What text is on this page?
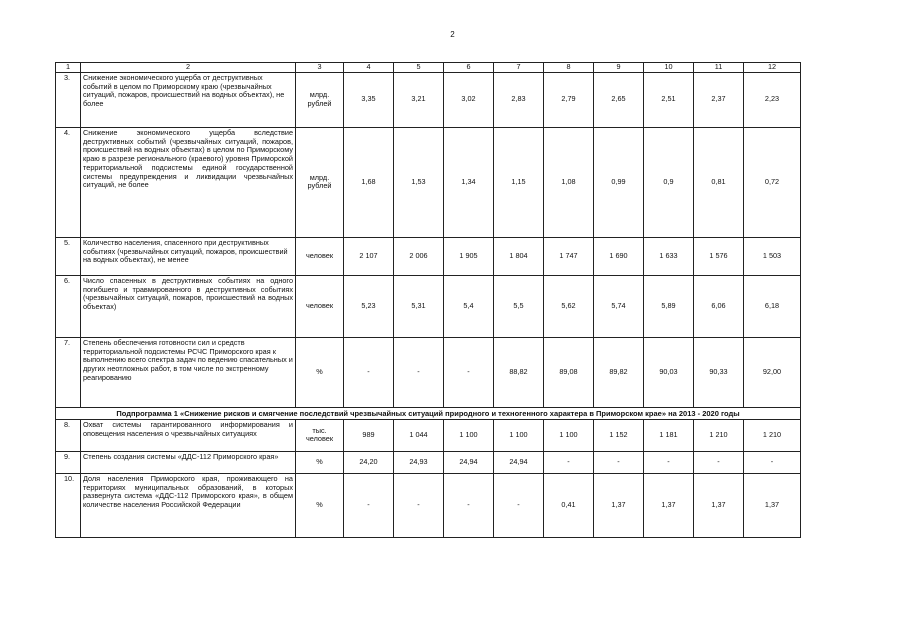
2
1	2	3	4	5	6	7	8	9	10	11	12
3.	Снижение экономического ущерба от деструктивных событий в целом по Приморскому краю (чрезвычайных ситуаций, пожаров, происшествий на водных объектах), не более	млрд. рублей	3,35	3,21	3,02	2,83	2,79	2,65	2,51	2,37	2,23
4.	Снижение экономического ущерба вследствие деструктивных событий (чрезвычайных ситуаций, пожаров, происшествий на водных объектах) в целом по Приморскому краю в разрезе регионального (краевого) уровня Приморской территориальной подсистемы единой государственной системы предупреждения и ликвидации чрезвычайных ситуаций, не более	млрд. рублей	1,68	1,53	1,34	1,15	1,08	0,99	0,9	0,81	0,72
5.	Количество населения, спасенного при деструктивных событиях (чрезвычайных ситуаций, пожаров, происшествий на водных объектах), не менее	человек	2 107	2 006	1 905	1 804	1 747	1 690	1 633	1 576	1 503
6.	Число спасенных в деструктивных событиях на одного погибшего и травмированного в деструктивных событиях (чрезвычайных ситуаций, пожаров, происшествий на водных объектах)	человек	5,23	5,31	5,4	5,5	5,62	5,74	5,89	6,06	6,18
7.	Степень обеспечения готовности сил и средств территориальной подсистемы РСЧС Приморского края к выполнению всего спектра задач по ведению спасательных и других неотложных работ, в том числе по экстренному реагированию	%	-	-	-	88,82	89,08	89,82	90,03	90,33	92,00
Подпрограмма 1 «Снижение рисков и смягчение последствий чрезвычайных ситуаций природного и техногенного характера в Приморском крае» на 2013 - 2020 годы											
8.	Охват системы гарантированного информирования и оповещения населения о чрезвычайных ситуациях	тыс. человек	989	1 044	1 100	1 100	1 100	1 152	1 181	1 210	1 210
9.	Степень создания системы «ДДС-112 Приморского края»	%	24,20	24,93	24,94	24,94	-	-	-	-	-
10.	Доля населения Приморского края, проживающего на территориях муниципальных образований, в которых развернута система «ДДС-112 Приморского края», в общем количестве населения Российской Федерации	%	-	-	-	-	0,41	1,37	1,37	1,37	1,37
